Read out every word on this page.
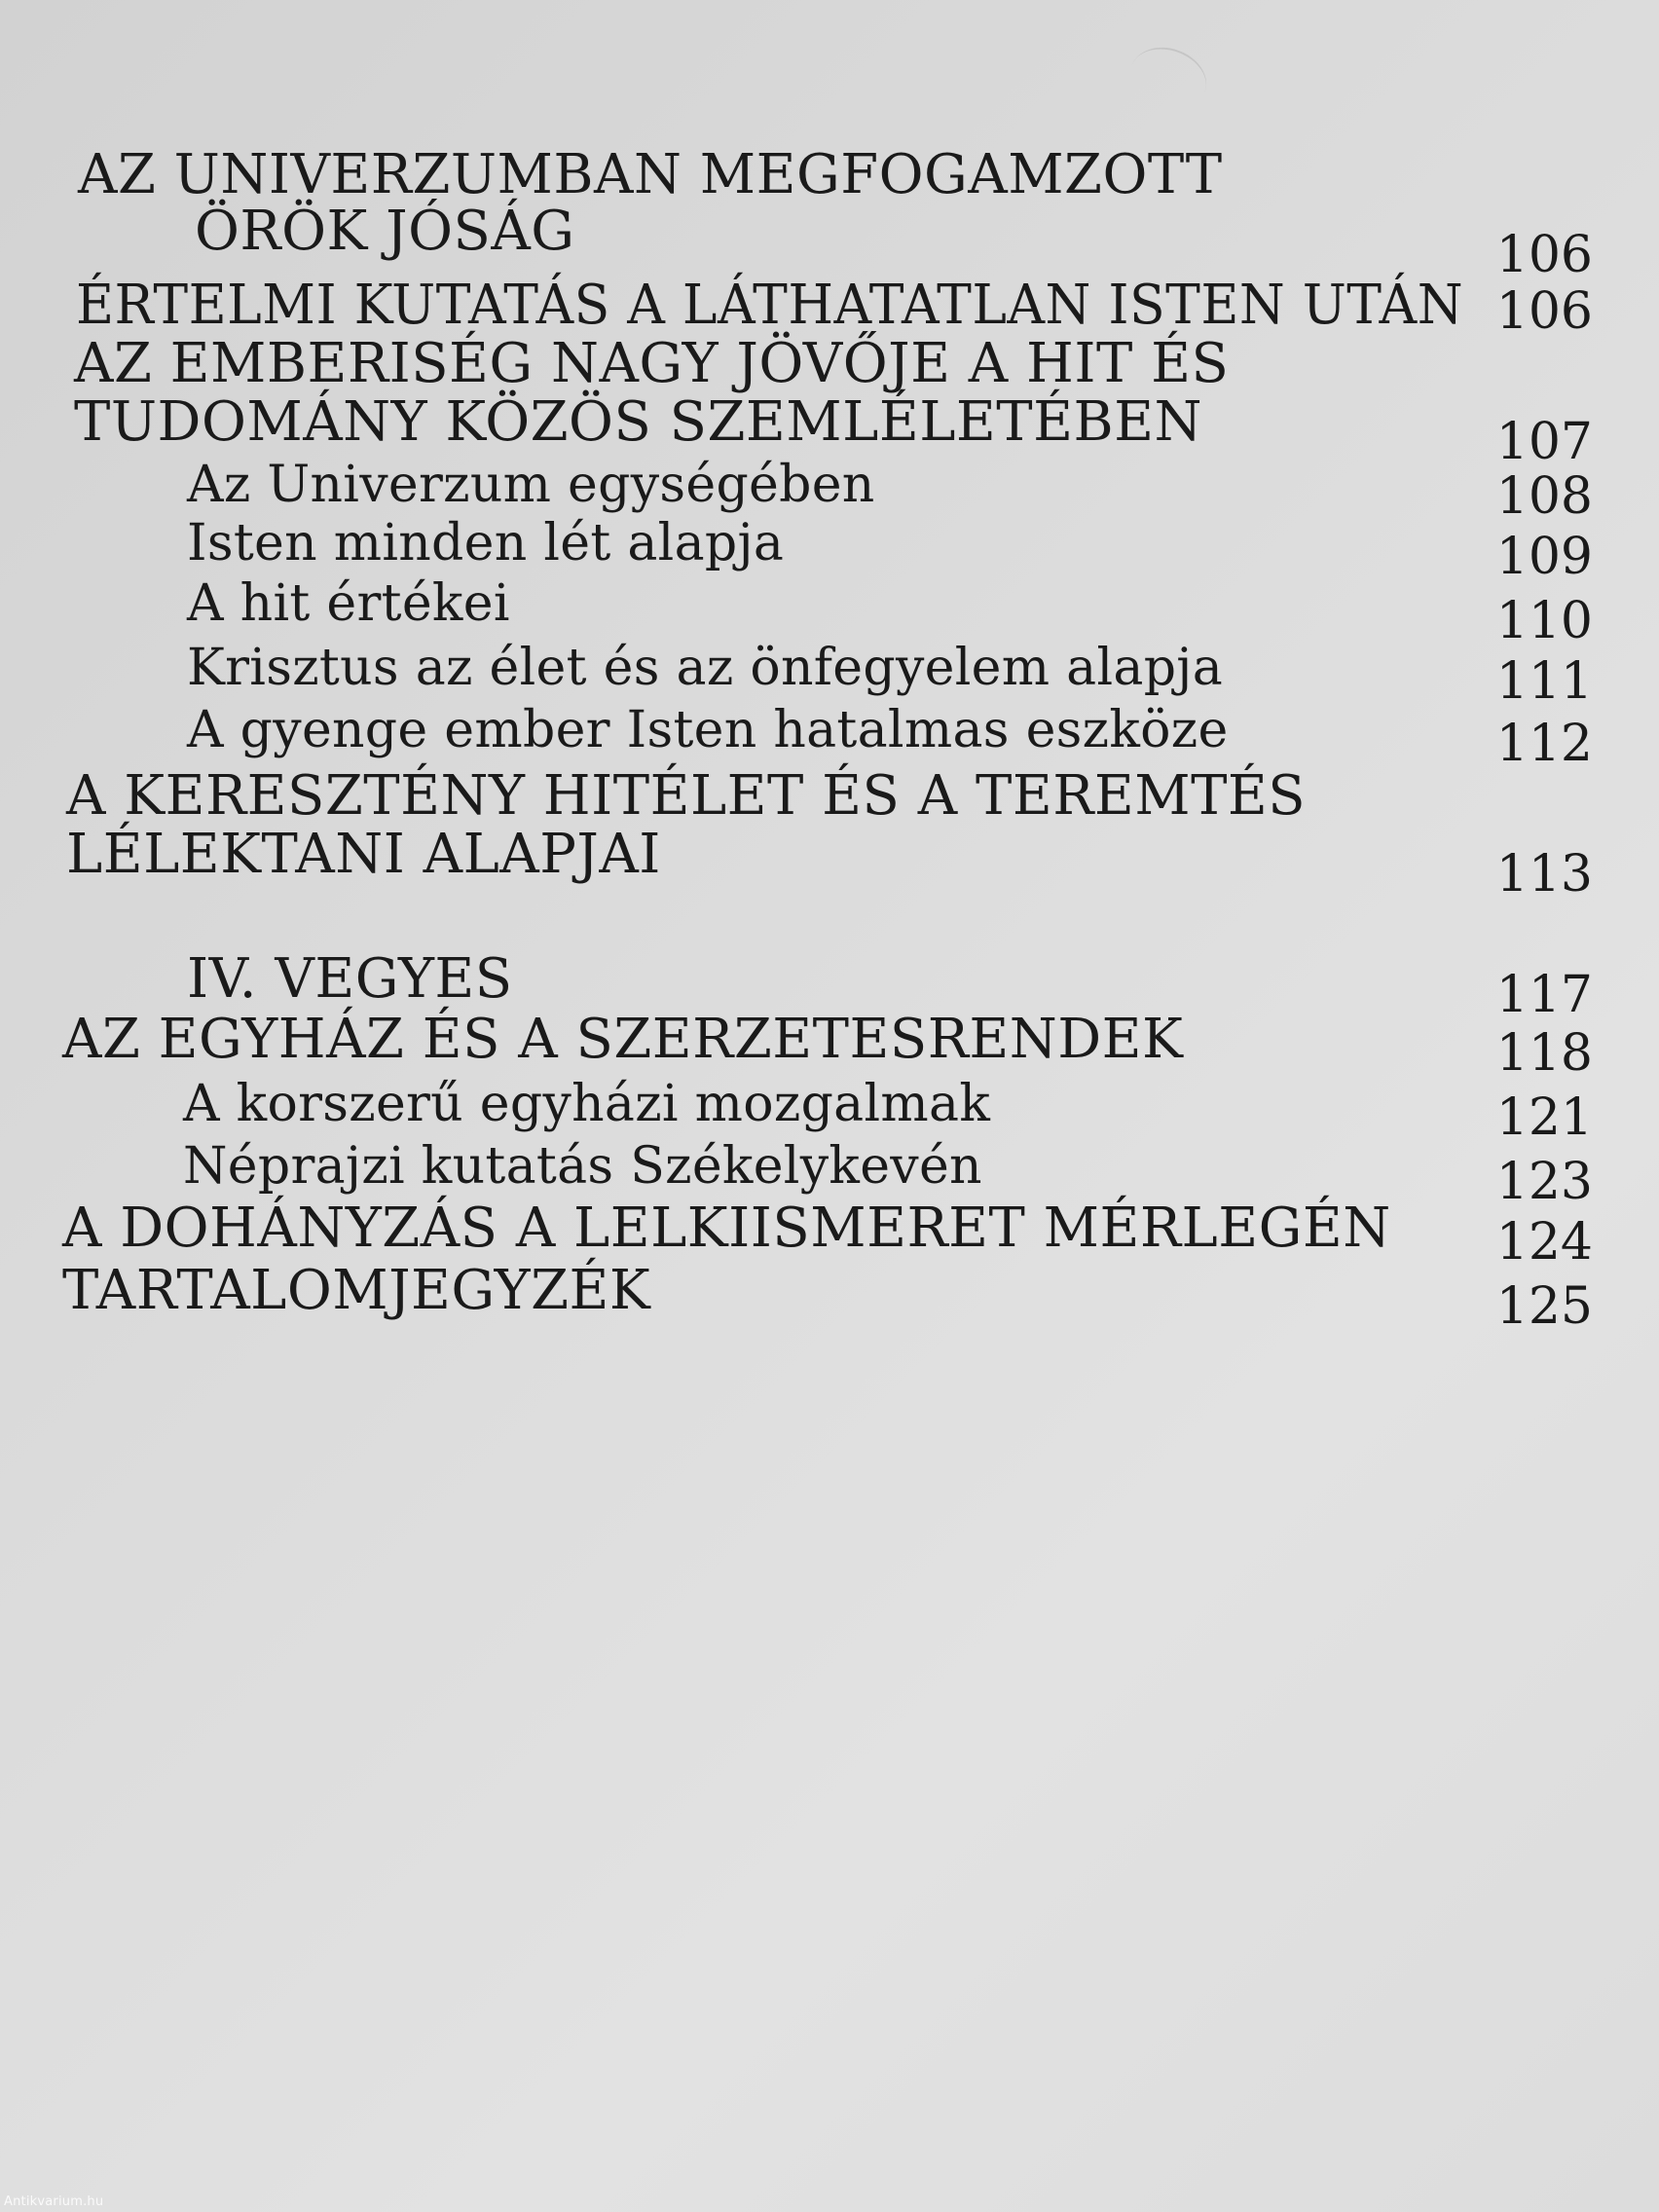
AZ UNIVERZUMBAN MEGFOGAMZOTT
ÖRÖK JÓSÁG	106
ÉRTELMI KUTATÁS A LÁTHATATLAN ISTEN UTÁN 106
AZ EMBERISÉG NAGY JÖVŐJE A HIT ÉS
TUDOMÁNY KÖZÖS SZEMLÉLETÉBEN	107
Az Univerzum egységében	108
Isten minden lét alapja	109
A hit értékei	110
Krisztus az élet és az önfegyelem alapja	111
A gyenge ember Isten hatalmas eszköze	112
A KERESZTÉNY HITÉLET ÉS A TEREMTÉS
LÉLEKTANI ALAPJAI	113
IV. VEGYES	117
AZ EGYHÁZ ÉS A SZERZETESRENDEK	118
A korszerű egyházi mozgalmak	121
Néprajzi kutatás Székelykevén	123
A DOHÁNYZÁS A LELKIISMERET MÉRLEGÉN 124
TARTALOMJEGYZÉK	125
Antikvarium.hu
